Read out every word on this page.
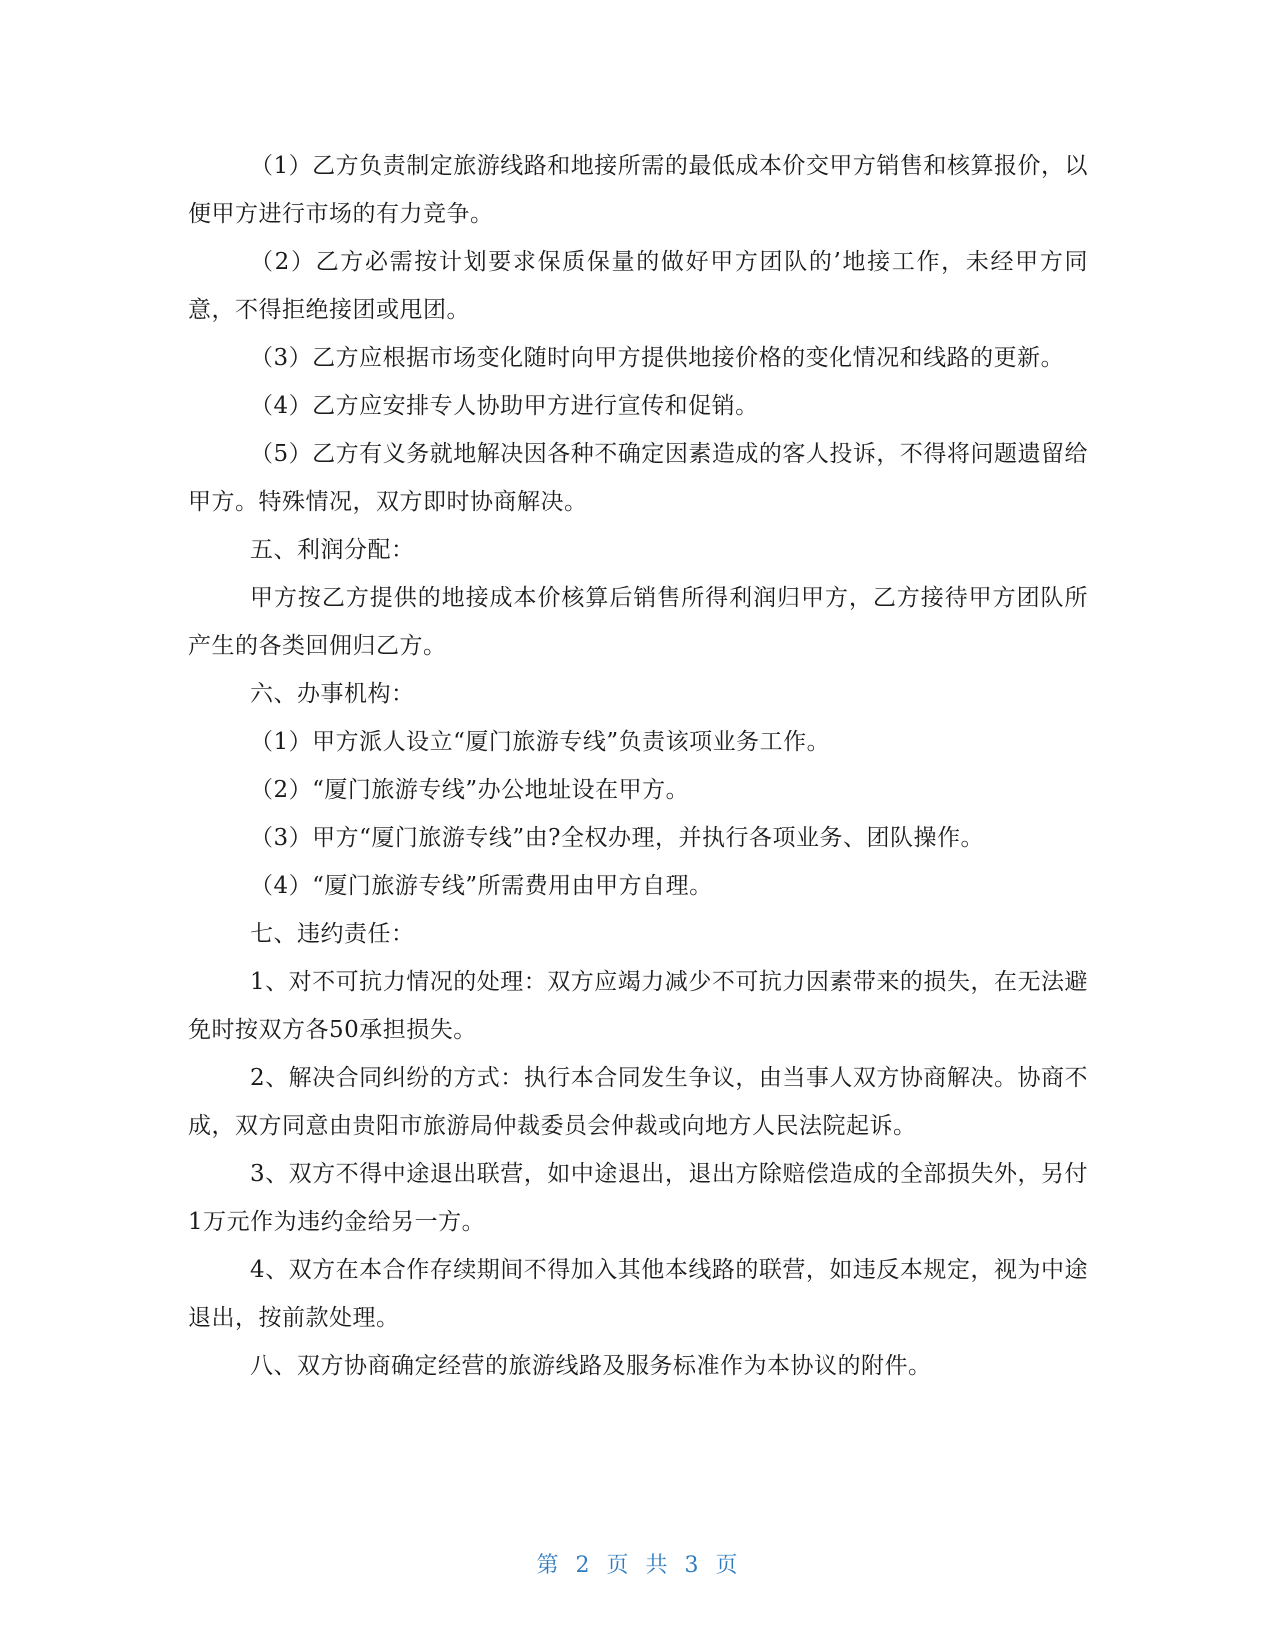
（1）乙方负责制定旅游线路和地接所需的最低成本价交甲方销售和核算报价，以便甲方进行市场的有力竞争。

（2）乙方必需按计划要求保质保量的做好甲方团队的’地接工作，未经甲方同意，不得拒绝接团或甩团。

（3）乙方应根据市场变化随时向甲方提供地接价格的变化情况和线路的更新。

（4）乙方应安排专人协助甲方进行宣传和促销。

（5）乙方有义务就地解决因各种不确定因素造成的客人投诉，不得将问题遗留给甲方。特殊情况，双方即时协商解决。

五、利润分配：

甲方按乙方提供的地接成本价核算后销售所得利润归甲方，乙方接待甲方团队所产生的各类回佣归乙方。

六、办事机构：

（1）甲方派人设立“厦门旅游专线”负责该项业务工作。

（2）“厦门旅游专线”办公地址设在甲方。

（3）甲方“厦门旅游专线”由?全权办理，并执行各项业务、团队操作。

（4）“厦门旅游专线”所需费用由甲方自理。

七、违约责任：

1、对不可抗力情况的处理：双方应竭力减少不可抗力因素带来的损失，在无法避免时按双方各50承担损失。

2、解决合同纠纷的方式：执行本合同发生争议，由当事人双方协商解决。协商不成，双方同意由贵阳市旅游局仲裁委员会仲裁或向地方人民法院起诉。

3、双方不得中途退出联营，如中途退出，退出方除赔偿造成的全部损失外，另付1万元作为违约金给另一方。

4、双方在本合作存续期间不得加入其他本线路的联营，如违反本规定，视为中途退出，按前款处理。

八、双方协商确定经营的旅游线路及服务标准作为本协议的附件。

第 2 页 共 3 页
